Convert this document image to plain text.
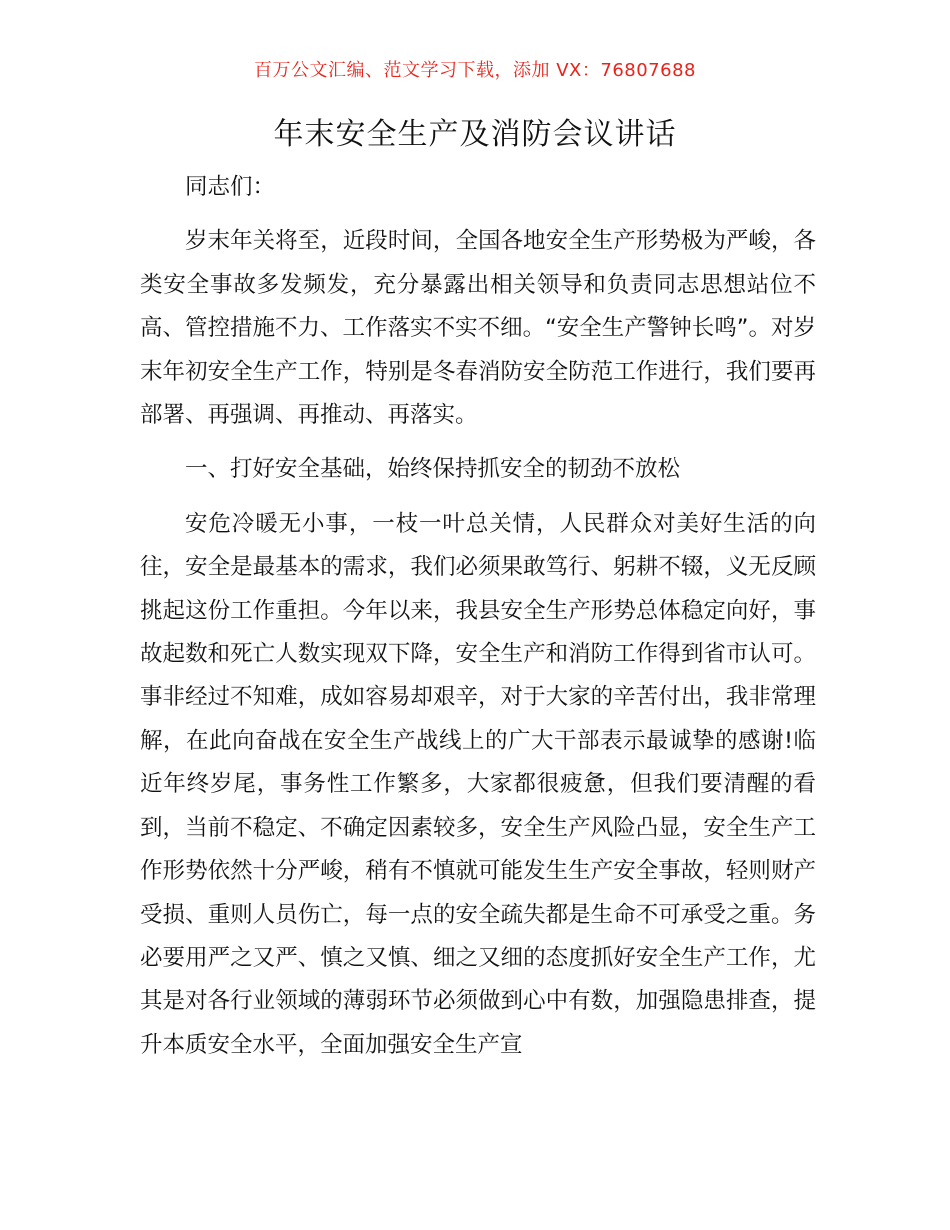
百万公文汇编、范文学习下载，添加 VX：76807688
年末安全生产及消防会议讲话

同志们：

岁末年关将至，近段时间，全国各地安全生产形势极为严峻，各类安全事故多发频发，充分暴露出相关领导和负责同志思想站位不高、管控措施不力、工作落实不实不细。“安全生产警钟长鸣”。对岁末年初安全生产工作，特别是冬春消防安全防范工作进行，我们要再部署、再强调、再推动、再落实。

一、打好安全基础，始终保持抓安全的韧劲不放松

安危冷暖无小事，一枝一叶总关情，人民群众对美好生活的向往，安全是最基本的需求，我们必须果敢笃行、躬耕不辍，义无反顾挑起这份工作重担。今年以来，我县安全生产形势总体稳定向好，事故起数和死亡人数实现双下降，安全生产和消防工作得到省市认可。事非经过不知难，成如容易却艰辛，对于大家的辛苦付出，我非常理解，在此向奋战在安全生产战线上的广大干部表示最诚挚的感谢!临近年终岁尾，事务性工作繁多，大家都很疲惫，但我们要清醒的看到，当前不稳定、不确定因素较多，安全生产风险凸显，安全生产工作形势依然十分严峻，稍有不慎就可能发生生产安全事故，轻则财产受损、重则人员伤亡，每一点的安全疏失都是生命不可承受之重。务必要用严之又严、慎之又慎、细之又细的态度抓好安全生产工作，尤其是对各行业领域的薄弱环节必须做到心中有数，加强隐患排查，提升本质安全水平，全面加强安全生产宣
